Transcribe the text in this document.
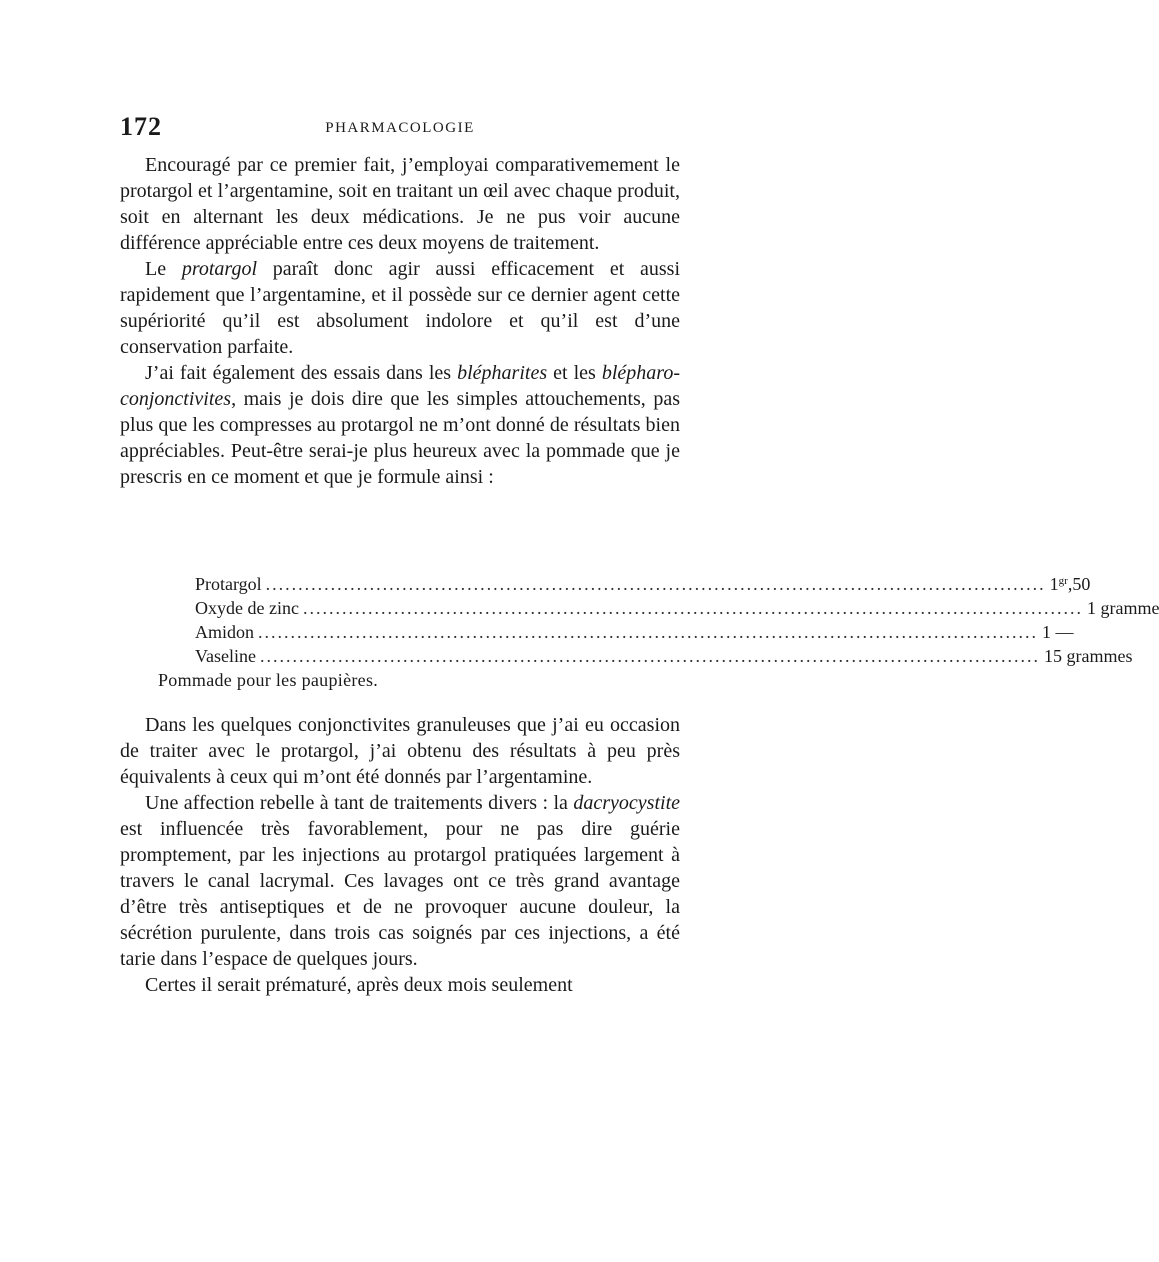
172	PHARMACOLOGIE

Encouragé par ce premier fait, j’employai comparativemement le protargol et l’argentamine, soit en traitant un œil avec chaque produit, soit en alternant les deux médications. Je ne pus voir aucune différence appréciable entre ces deux moyens de traitement.

Le protargol paraît donc agir aussi efficacement et aussi rapidement que l’argentamine, et il possède sur ce dernier agent cette supériorité qu’il est absolument indolore et qu’il est d’une conservation parfaite.

J’ai fait également des essais dans les blépharites et les blépharo-conjonctivites, mais je dois dire que les simples attouchements, pas plus que les compresses au protargol ne m’ont donné de résultats bien appréciables. Peut-être serai-je plus heureux avec la pommade que je prescris en ce moment et que je formule ainsi :

Protargol ........................................................................................................................ $1^{gr},50$
Oxyde de zinc ........................................................................................................................ 1 gramme
Amidon ........................................................................................................................ 1 —
Vaseline ........................................................................................................................ 15 grammes
Pommade pour les paupières.

Dans les quelques conjonctivites granuleuses que j’ai eu occasion de traiter avec le protargol, j’ai obtenu des résultats à peu près équivalents à ceux qui m’ont été donnés par l’argentamine.

Une affection rebelle à tant de traitements divers : la dacryocystite est influencée très favorablement, pour ne pas dire guérie promptement, par les injections au protargol pratiquées largement à travers le canal lacrymal. Ces lavages ont ce très grand avantage d’être très antiseptiques et de ne provoquer aucune douleur, la sécrétion purulente, dans trois cas soignés par ces injections, a été tarie dans l’espace de quelques jours.

Certes il serait prématuré, après deux mois seulement
